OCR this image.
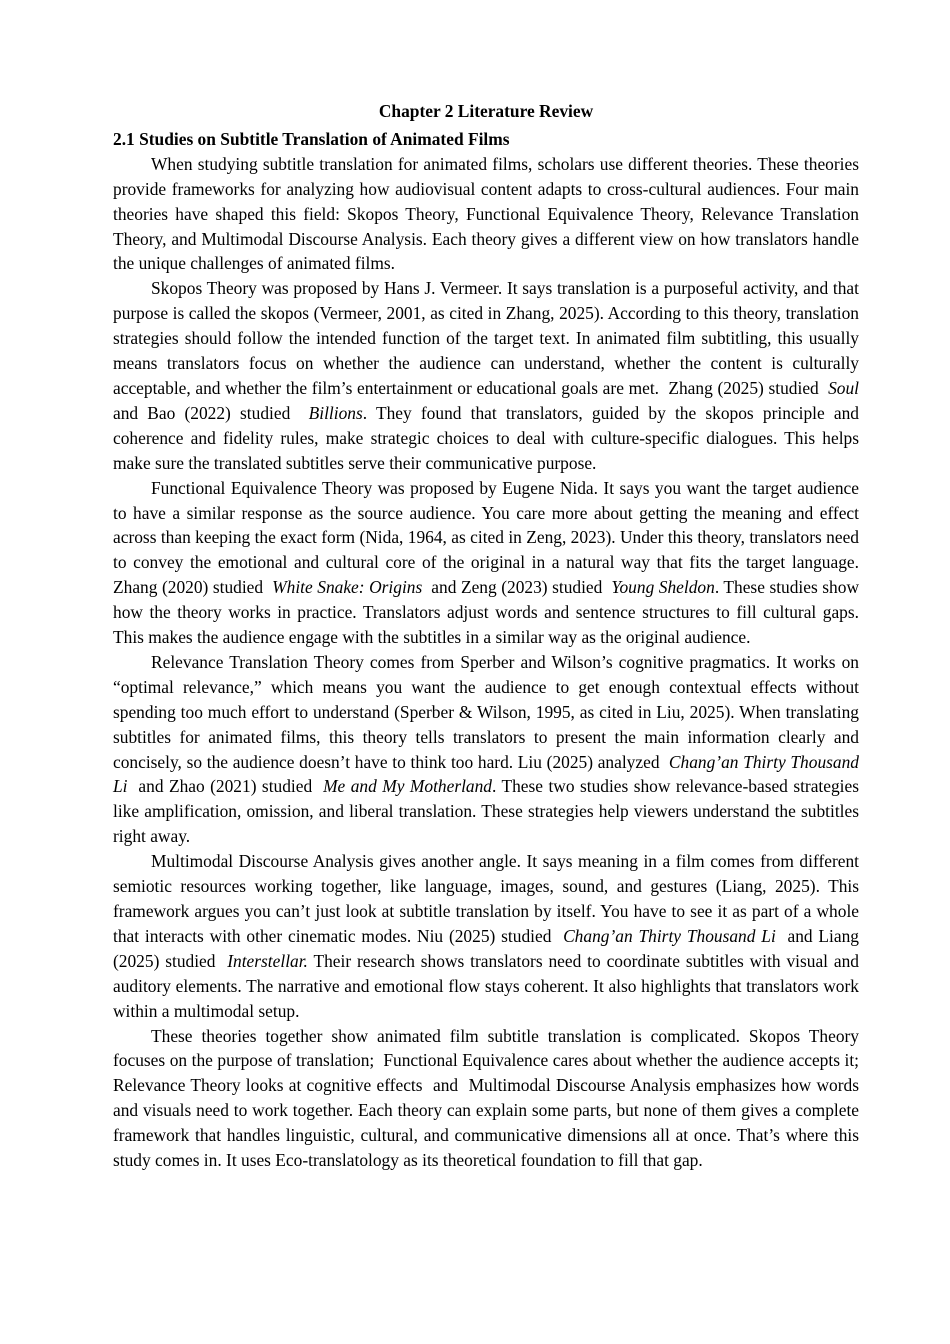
Chapter 2 Literature Review
2.1 Studies on Subtitle Translation of Animated Films

When studying subtitle translation for animated films, scholars use different theories. These theories provide frameworks for analyzing how audiovisual content adapts to cross-cultural audiences. Four main theories have shaped this field: Skopos Theory, Functional Equivalence Theory, Relevance Translation Theory, and Multimodal Discourse Analysis. Each theory gives a different view on how translators handle the unique challenges of animated films.

Skopos Theory was proposed by Hans J. Vermeer. It says translation is a purposeful activity, and that purpose is called the skopos (Vermeer, 2001, as cited in Zhang, 2025). According to this theory, translation strategies should follow the intended function of the target text. In animated film subtitling, this usually means translators focus on whether the audience can understand, whether the content is culturally acceptable, and whether the film’s entertainment or educational goals are met.  Zhang (2025) studied  Soul  and Bao (2022) studied  Billions. They found that translators, guided by the skopos principle and coherence and fidelity rules, make strategic choices to deal with culture-specific dialogues. This helps make sure the translated subtitles serve their communicative purpose.

Functional Equivalence Theory was proposed by Eugene Nida. It says you want the target audience to have a similar response as the source audience. You care more about getting the meaning and effect across than keeping the exact form (Nida, 1964, as cited in Zeng, 2023). Under this theory, translators need to convey the emotional and cultural core of the original in a natural way that fits the target language. Zhang (2020) studied  White Snake: Origins  and Zeng (2023) studied  Young Sheldon. These studies show how the theory works in practice. Translators adjust words and sentence structures to fill cultural gaps. This makes the audience engage with the subtitles in a similar way as the original audience.

Relevance Translation Theory comes from Sperber and Wilson’s cognitive pragmatics. It works on “optimal relevance,” which means you want the audience to get enough contextual effects without spending too much effort to understand (Sperber & Wilson, 1995, as cited in Liu, 2025). When translating subtitles for animated films, this theory tells translators to present the main information clearly and concisely, so the audience doesn’t have to think too hard. Liu (2025) analyzed  Chang’an Thirty Thousand Li  and Zhao (2021) studied  Me and My Motherland. These two studies show relevance-based strategies like amplification, omission, and liberal translation. These strategies help viewers understand the subtitles right away.

Multimodal Discourse Analysis gives another angle. It says meaning in a film comes from different semiotic resources working together, like language, images, sound, and gestures (Liang, 2025). This framework argues you can’t just look at subtitle translation by itself. You have to see it as part of a whole that interacts with other cinematic modes. Niu (2025) studied  Chang’an Thirty Thousand Li  and Liang (2025) studied  Interstellar. Their research shows translators need to coordinate subtitles with visual and auditory elements. The narrative and emotional flow stays coherent. It also highlights that translators work within a multimodal setup.

These theories together show animated film subtitle translation is complicated. Skopos Theory focuses on the purpose of translation;  Functional Equivalence cares about whether the audience accepts it;  Relevance Theory looks at cognitive effects  and  Multimodal Discourse Analysis emphasizes how words and visuals need to work together. Each theory can explain some parts, but none of them gives a complete framework that handles linguistic, cultural, and communicative dimensions all at once. That’s where this study comes in. It uses Eco-translatology as its theoretical foundation to fill that gap.
